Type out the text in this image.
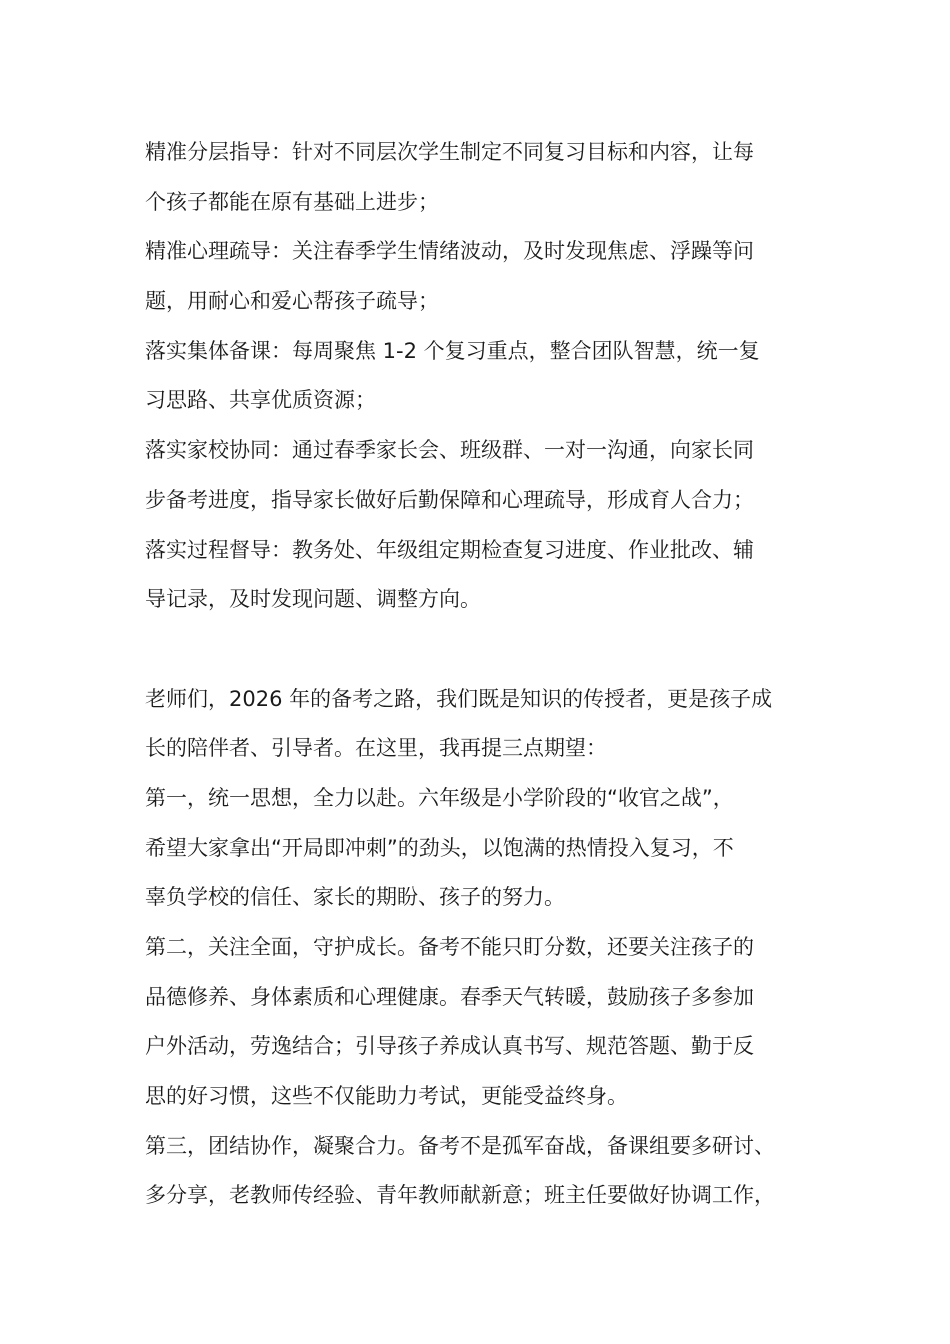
精准分层指导：针对不同层次学生制定不同复习目标和内容，让每
个孩子都能在原有基础上进步；
精准心理疏导：关注春季学生情绪波动，及时发现焦虑、浮躁等问
题，用耐心和爱心帮孩子疏导；
落实集体备课：每周聚焦 1-2 个复习重点，整合团队智慧，统一复
习思路、共享优质资源；
落实家校协同：通过春季家长会、班级群、一对一沟通，向家长同
步备考进度，指导家长做好后勤保障和心理疏导，形成育人合力；
落实过程督导：教务处、年级组定期检查复习进度、作业批改、辅
导记录，及时发现问题、调整方向。
老师们，2026 年的备考之路，我们既是知识的传授者，更是孩子成
长的陪伴者、引导者。在这里，我再提三点期望：
第一，统一思想，全力以赴。六年级是小学阶段的“收官之战”，
希望大家拿出“开局即冲刺”的劲头，以饱满的热情投入复习，不
辜负学校的信任、家长的期盼、孩子的努力。
第二，关注全面，守护成长。备考不能只盯分数，还要关注孩子的
品德修养、身体素质和心理健康。春季天气转暖，鼓励孩子多参加
户外活动，劳逸结合；引导孩子养成认真书写、规范答题、勤于反
思的好习惯，这些不仅能助力考试，更能受益终身。
第三，团结协作，凝聚合力。备考不是孤军奋战，备课组要多研讨、
多分享，老教师传经验、青年教师献新意；班主任要做好协调工作，
